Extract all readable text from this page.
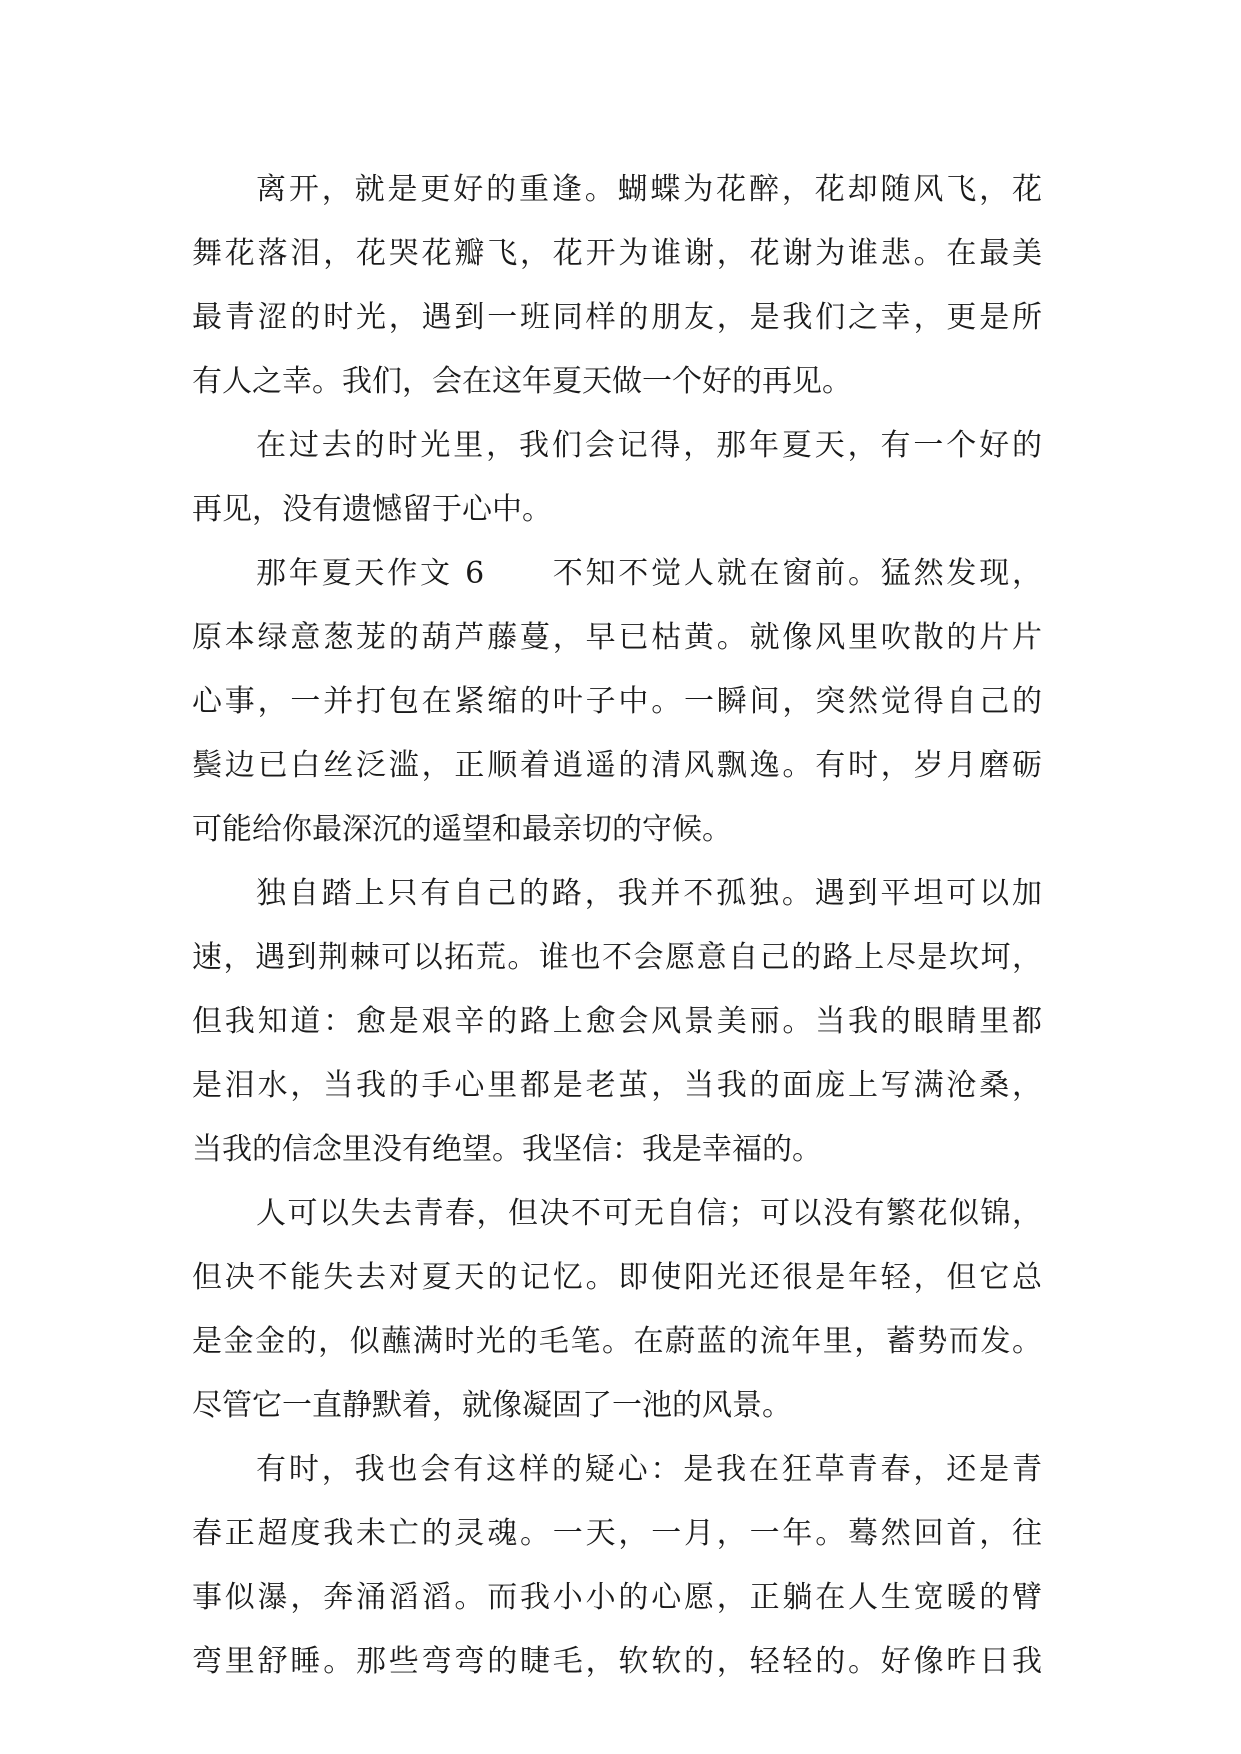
离开，就是更好的重逢。蝴蝶为花醉，花却随风飞，花
舞花落泪，花哭花瓣飞，花开为谁谢，花谢为谁悲。在最美
最青涩的时光，遇到一班同样的朋友，是我们之幸，更是所
有人之幸。我们，会在这年夏天做一个好的再见。
在过去的时光里，我们会记得，那年夏天，有一个好的
再见，没有遗憾留于心中。
那年夏天作文 6　　不知不觉人就在窗前。猛然发现，
原本绿意葱茏的葫芦藤蔓，早已枯黄。就像风里吹散的片片
心事，一并打包在紧缩的叶子中。一瞬间，突然觉得自己的
鬓边已白丝泛滥，正顺着逍遥的清风飘逸。有时，岁月磨砺
可能给你最深沉的遥望和最亲切的守候。
独自踏上只有自己的路，我并不孤独。遇到平坦可以加
速，遇到荆棘可以拓荒。谁也不会愿意自己的路上尽是坎坷，
但我知道：愈是艰辛的路上愈会风景美丽。当我的眼睛里都
是泪水，当我的手心里都是老茧，当我的面庞上写满沧桑，
当我的信念里没有绝望。我坚信：我是幸福的。
人可以失去青春，但决不可无自信；可以没有繁花似锦，
但决不能失去对夏天的记忆。即使阳光还很是年轻，但它总
是金金的，似蘸满时光的毛笔。在蔚蓝的流年里，蓄势而发。
尽管它一直静默着，就像凝固了一池的风景。
有时，我也会有这样的疑心：是我在狂草青春，还是青
春正超度我未亡的灵魂。一天，一月，一年。蓦然回首，往
事似瀑，奔涌滔滔。而我小小的心愿，正躺在人生宽暖的臂
弯里舒睡。那些弯弯的睫毛，软软的，轻轻的。好像昨日我
